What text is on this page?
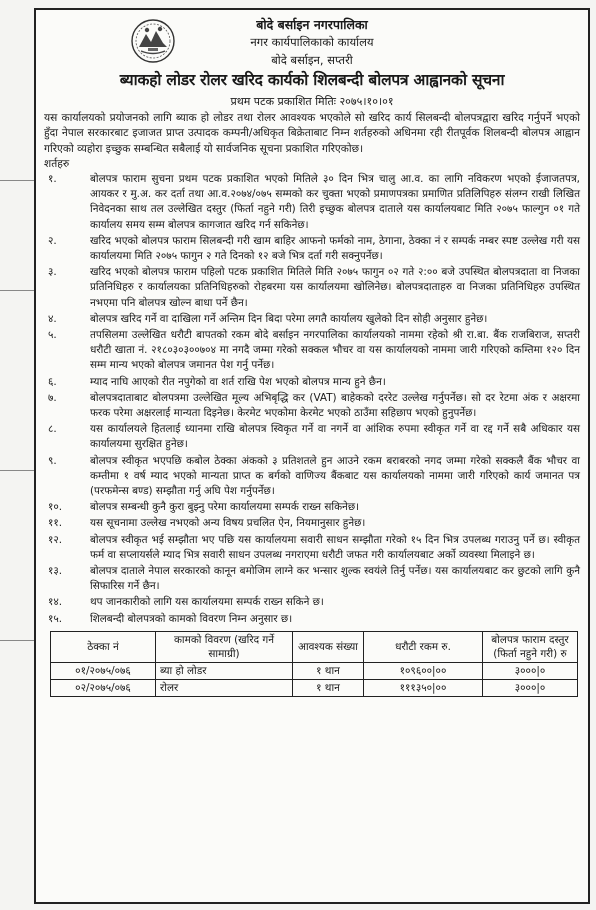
बोदे बर्साइन नगरपालिका
नगर कार्यपालिकाको कार्यालय
बोदे बर्साइन, सप्तरी
ब्याकहो लोडर रोलर खरिद कार्यको शिलबन्दी बोलपत्र आह्वानको सूचना
प्रथम पटक प्रकाशित मितिः २०७५।१०।०१
यस कार्यालयको प्रयोजनको लागि ब्याक हो लोडर तथा रोलर आवश्यक भएकोले सो खरिद कार्य सिलबन्दी बोलपत्रद्वारा खरिद गर्नुपर्ने भएको हुँदा नेपाल सरकारबाट इजाजत प्राप्त उत्पादक कम्पनी/अधिकृत बिक्रेताबाट निम्न शर्तहरुको अधिनमा रही रीतपूर्वक शिलबन्दी बोलपत्र आह्वान गरिएको व्यहोरा इच्छुक सम्बन्धित सबैलाई यो सार्वजनिक सूचना प्रकाशित गरिएकोछ।
शर्तहरु
१.	बोलपत्र फाराम सुचना प्रथम पटक प्रकाशित भएको मितिले ३० दिन भित्र चालु आ.व. का लागि नविकरण भएको ईजाजतपत्र, आयकर र मु.अ. कर दर्ता तथा आ.व.२०७४/०७५ सम्मको कर चुक्ता भएको प्रमाणपत्रका प्रमाणित प्रतिलिपिहरु संलग्न राखी लिखित निवेदनका साथ तल उल्लेखित दस्तुर (फिर्ता नहुने गरी) तिरी इच्छुक बोलपत्र दाताले यस कार्यालयबाट मिति २०७५ फाल्गुन ०१ गते कार्यालय समय सम्म बोलपत्र कागजात खरिद गर्न सकिनेछ।
२.	खरिद भएको बोलपत्र फाराम सिलबन्दी गरी खाम बाहिर आफनो फर्मको नाम, ठेगाना, ठेक्का नं र सम्पर्क नम्बर स्पष्ट उल्लेख गरी यस कार्यालयमा मिति २०७५ फागुन २ गते दिनको १२ बजे भित्र दर्ता गरी सक्नुपर्नेछ।
३.	खरिद भएको बोलपत्र फाराम पहिलो पटक प्रकाशित मितिले मिति २०७५ फागुन ०२ गते २:०० बजे उपस्थित बोलपत्रदाता वा निजका प्रतिनिधिहरु र कार्यालयका प्रतिनिधिहरुको रोहबरमा यस कार्यालयमा खोलिनेछ। बोलपत्रदाताहरु वा निजका प्रतिनिधिहरु उपस्थित नभएमा पनि बोलपत्र खोल्न बाधा पर्ने छैन।
४.	बोलपत्र खरिद गर्ने वा दाखिला गर्ने अन्तिम दिन बिदा परेमा लगतै कार्यालय खुलेको दिन सोही अनुसार हुनेछ।
५.	तपसिलमा उल्लेखित धरौटी बापतको रकम बोदे बर्साइन नगरपालिका कार्यालयको नाममा रहेको श्री रा.बा. बैंक राजबिराज, सप्तरी धरौटी खाता नं. २१८०३०३००७०४ मा नगदै जम्मा गरेको सक्कल भौचर वा यस कार्यालयको नाममा जारी गरिएको कम्तिमा १२० दिन सम्म मान्य भएको बोलपत्र जमानत पेश गर्नु पर्नेछ।
६.	म्याद नाघि आएको रीत नपुगेको वा शर्त राखि पेश भएको बोलपत्र मान्य हुने छैन।
७.	बोलपत्रदाताबाट बोलपत्रमा उल्लेखित मूल्य अभिबृद्धि कर (VAT) बाहेकको दररेट उल्लेख गर्नुपर्नेछ। सो दर रेटमा अंक र अक्षरमा फरक परेमा अक्षरलाई मान्यता दिइनेछ। केरमेट भएकोमा केरमेट भएको ठाउँमा सहिछाप भएको हुनुपर्नेछ।
८.	यस कार्यालयले हितलाई ध्यानमा राखि बोलपत्र स्विकृत गर्ने वा नगर्ने वा आंशिक रुपमा स्वीकृत गर्ने वा रद्द गर्ने सबै अधिकार यस कार्यालयमा सुरक्षित हुनेछ।
९.	बोलपत्र स्वीकृत भएपछि कबोल ठेक्का अंकको ३ प्रतिशतले हुन आउने रकम बराबरको नगद जम्मा गरेको सक्कलै बैंक भौचर वा कम्तीमा १ वर्ष म्याद भएको मान्यता प्राप्त क बर्गको वाणिज्य बैंकबाट यस कार्यालयको नाममा जारी गरिएको कार्य जमानत पत्र (परफमेन्स बण्ड) सम्झौता गर्नु अघि पेश गर्नुपर्नेछ।
१०.	बोलपत्र सम्बन्धी कुनै कुरा बुझ्नु परेमा कार्यालयमा सम्पर्क राख्न सकिनेछ।
११.	यस सूचनामा उल्लेख नभएको अन्य विषय प्रचलित ऐन, नियमानुसार हुनेछ।
१२.	बोलपत्र स्वीकृत भई सम्झौता भए पछि यस कार्यालयमा सवारी साधन सम्झौता गरेको १५ दिन भित्र उपलब्ध गराउनु पर्ने छ। स्वीकृत फर्म वा सप्लायर्सले म्याद भित्र सवारी साधन उपलब्ध नगराएमा धरौटी जफत गरी कार्यालयबाट अर्को व्यवस्था मिलाइने छ।
१३.	बोलपत्र दाताले नेपाल सरकारको कानून बमोजिम लाग्ने कर भन्सार शुल्क स्वयंले तिर्नु पर्नेछ। यस कार्यालयबाट कर छुटको लागि कुनै सिफारिस गर्ने छैन।
१४.	थप जानकारीको लागि यस कार्यालयमा सम्पर्क राख्न सकिने छ।
१५.	शिलबन्दी बोलपत्रको कामको विवरण निम्न अनुसार छ।
ठेक्का नं	कामको विवरण (खरिद गर्ने सामाग्री)	आवश्यक संख्या	धरौटी रकम रु.	बोलपत्र फाराम दस्तुर (फिर्ता नहुने गरी) रु
०१/२०७५/०७६	ब्या हो लोडर	१ थान	१०९६००|००	३०००|०
०२/२०७५/०७६	रोलर	१ थान	१११३५०|००	३०००|०
